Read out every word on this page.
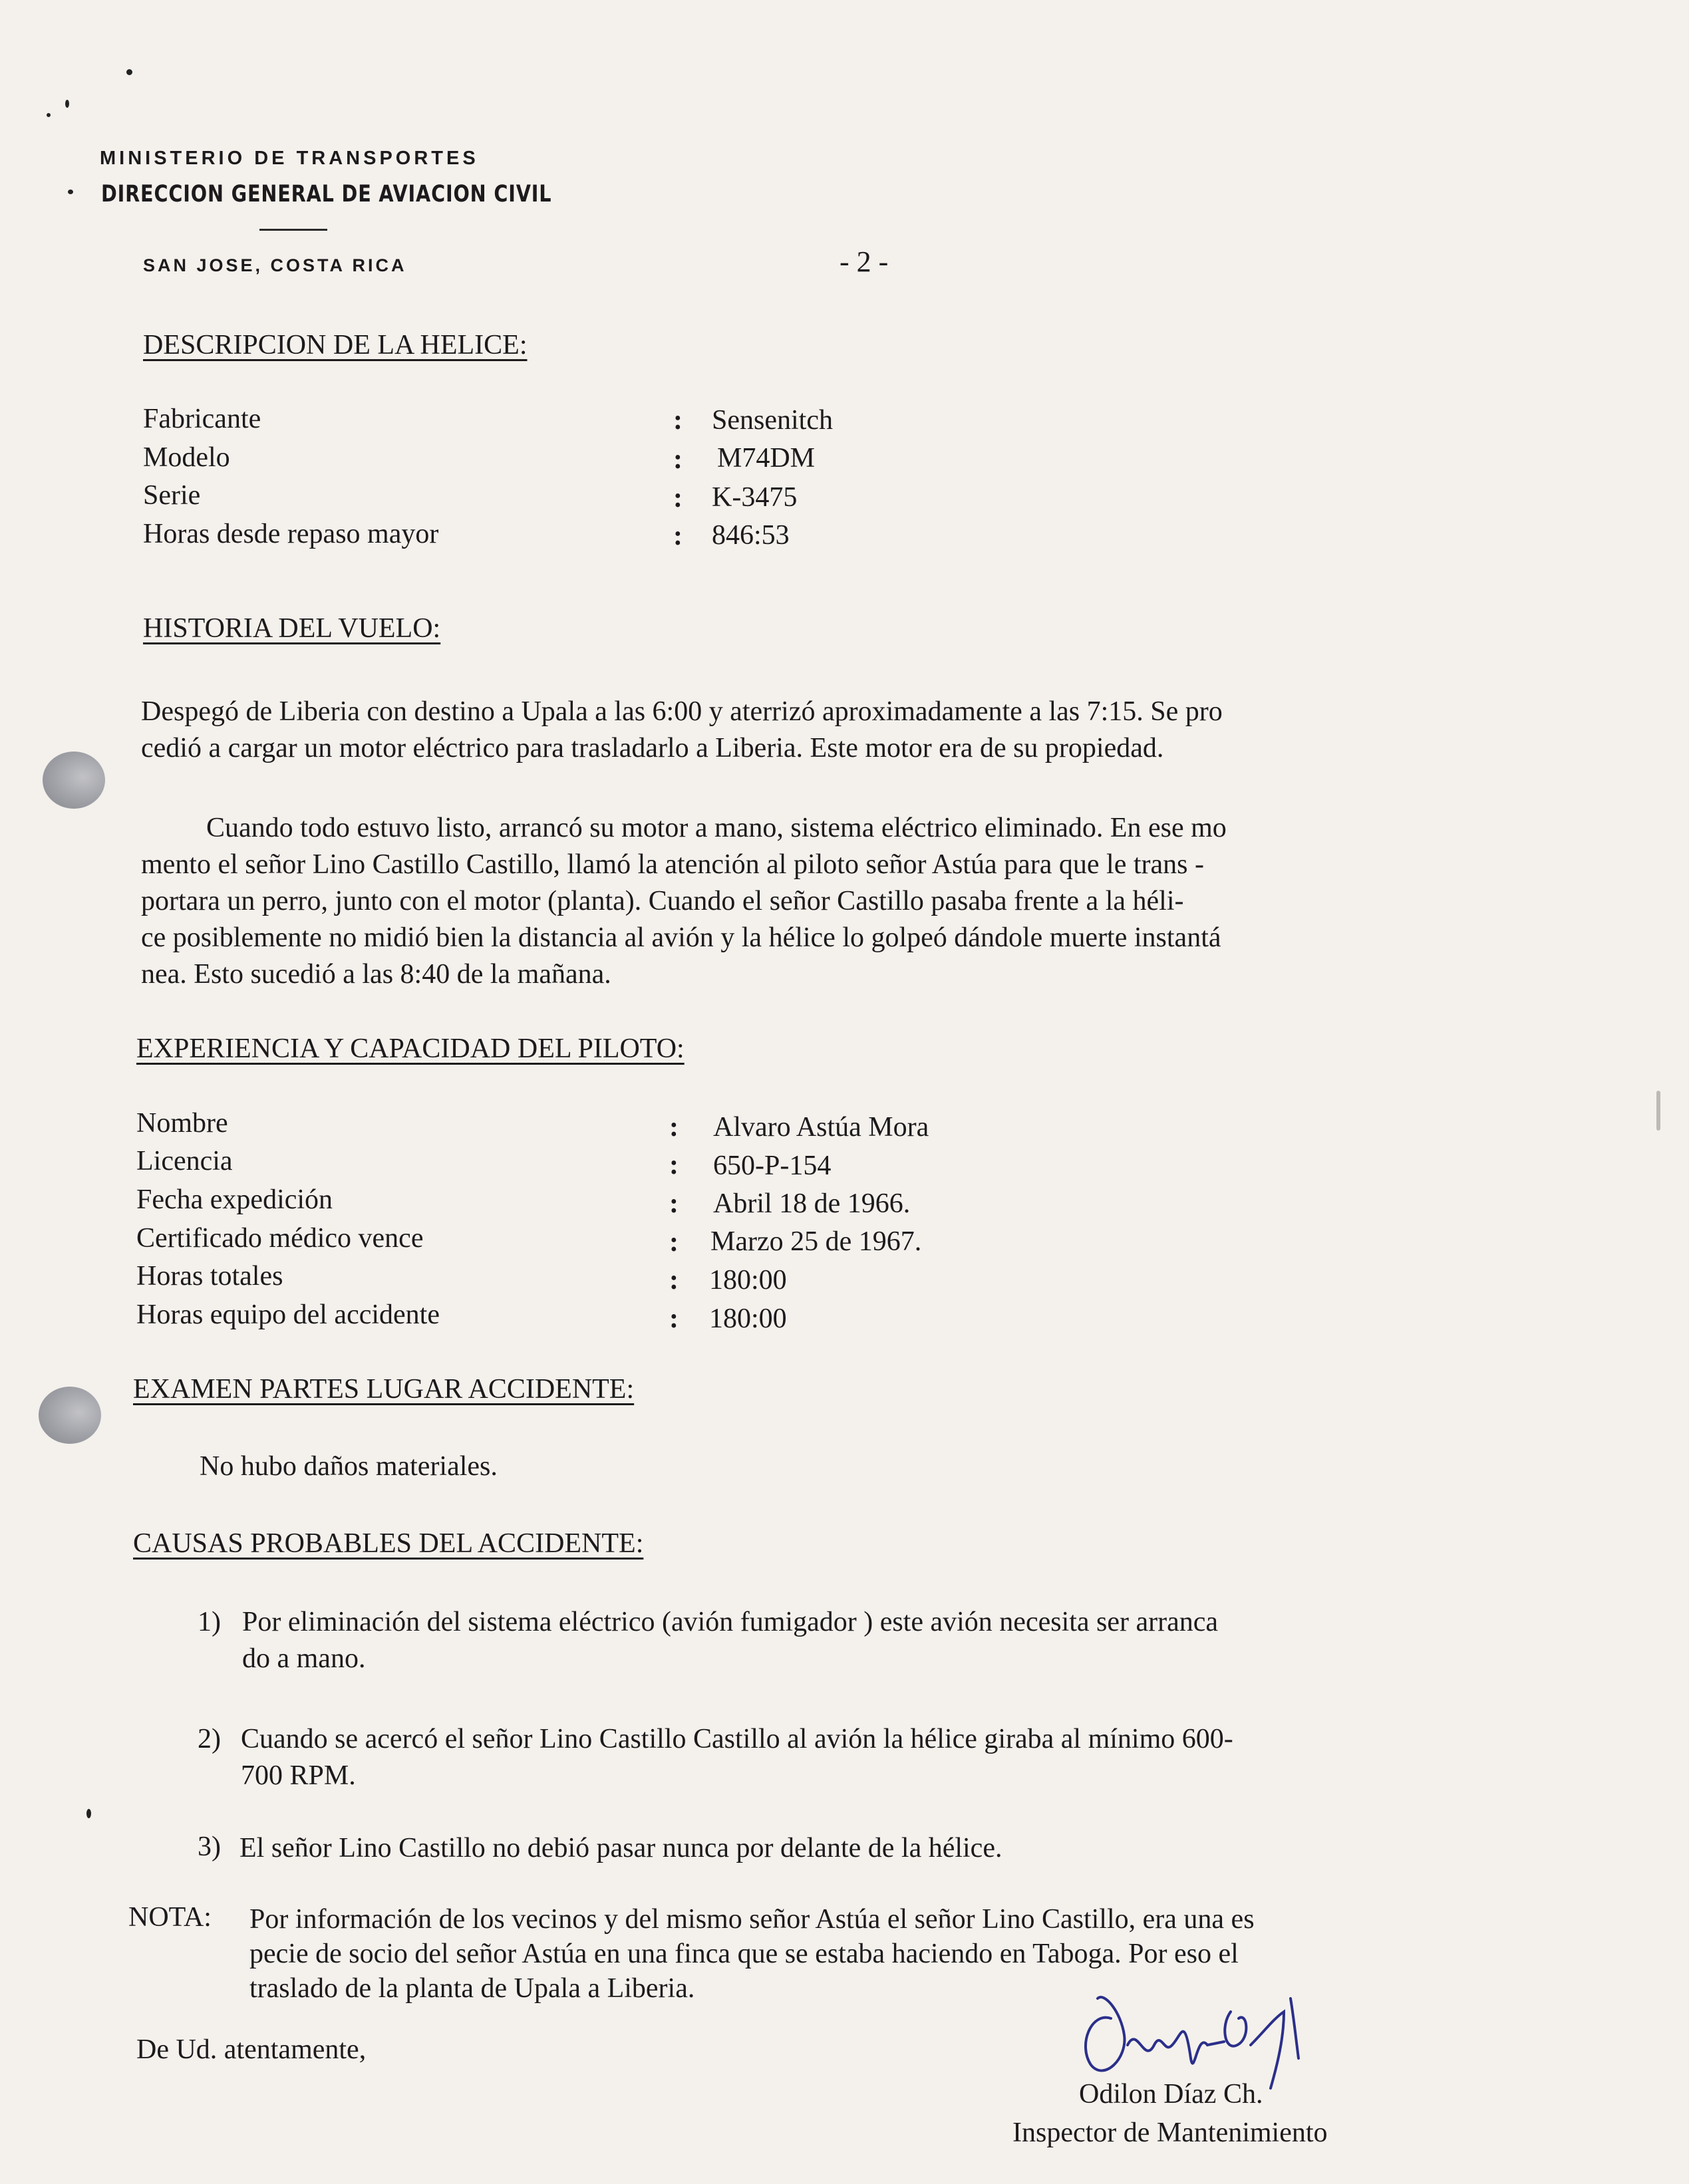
MINISTERIO DE TRANSPORTES
DIRECCION GENERAL DE AVIACION CIVIL
SAN JOSE, COSTA RICA	- 2 -
DESCRIPCION DE LA HELICE:
Fabricante	: Sensenitch
Modelo	: M74DM
Serie	: K-3475
Horas desde repaso mayor	: 846:53
HISTORIA DEL VUELO:
Despegó de Liberia con destino a Upala a las 6:00 y aterrizó aproximadamente a las 7:15. Se pro
cedió a cargar un motor eléctrico para trasladarlo a Liberia. Este motor era de su propiedad.
Cuando todo estuvo listo, arrancó su motor a mano, sistema eléctrico eliminado. En ese mo
mento el señor Lino Castillo Castillo, llamó la atención al piloto señor Astúa para que le trans -
portara un perro, junto con el motor (planta). Cuando el señor Castillo pasaba frente a la héli-
ce posiblemente no midió bien la distancia al avión y la hélice lo golpeó dándole muerte instantá
nea. Esto sucedió a las 8:40 de la mañana.
EXPERIENCIA Y CAPACIDAD DEL PILOTO:
Nombre	: Alvaro Astúa Mora
Licencia	: 650-P-154
Fecha expedición	: Abril 18 de 1966.
Certificado médico vence	: Marzo 25 de 1967.
Horas totales	: 180:00
Horas equipo del accidente	: 180:00
EXAMEN PARTES LUGAR ACCIDENTE:
No hubo daños materiales.
CAUSAS PROBABLES DEL ACCIDENTE:
1) Por eliminación del sistema eléctrico (avión fumigador ) este avión necesita ser arranca
do a mano.
2) Cuando se acercó el señor Lino Castillo Castillo al avión la hélice giraba al mínimo 600-
700 RPM.
3) El señor Lino Castillo no debió pasar nunca por delante de la hélice.
NOTA: Por información de los vecinos y del mismo señor Astúa el señor Lino Castillo, era una es
pecie de socio del señor Astúa en una finca que se estaba haciendo en Taboga. Por eso el
traslado de la planta de Upala a Liberia.
De Ud. atentamente,
Odilon Díaz Ch.
Inspector de Mantenimiento
